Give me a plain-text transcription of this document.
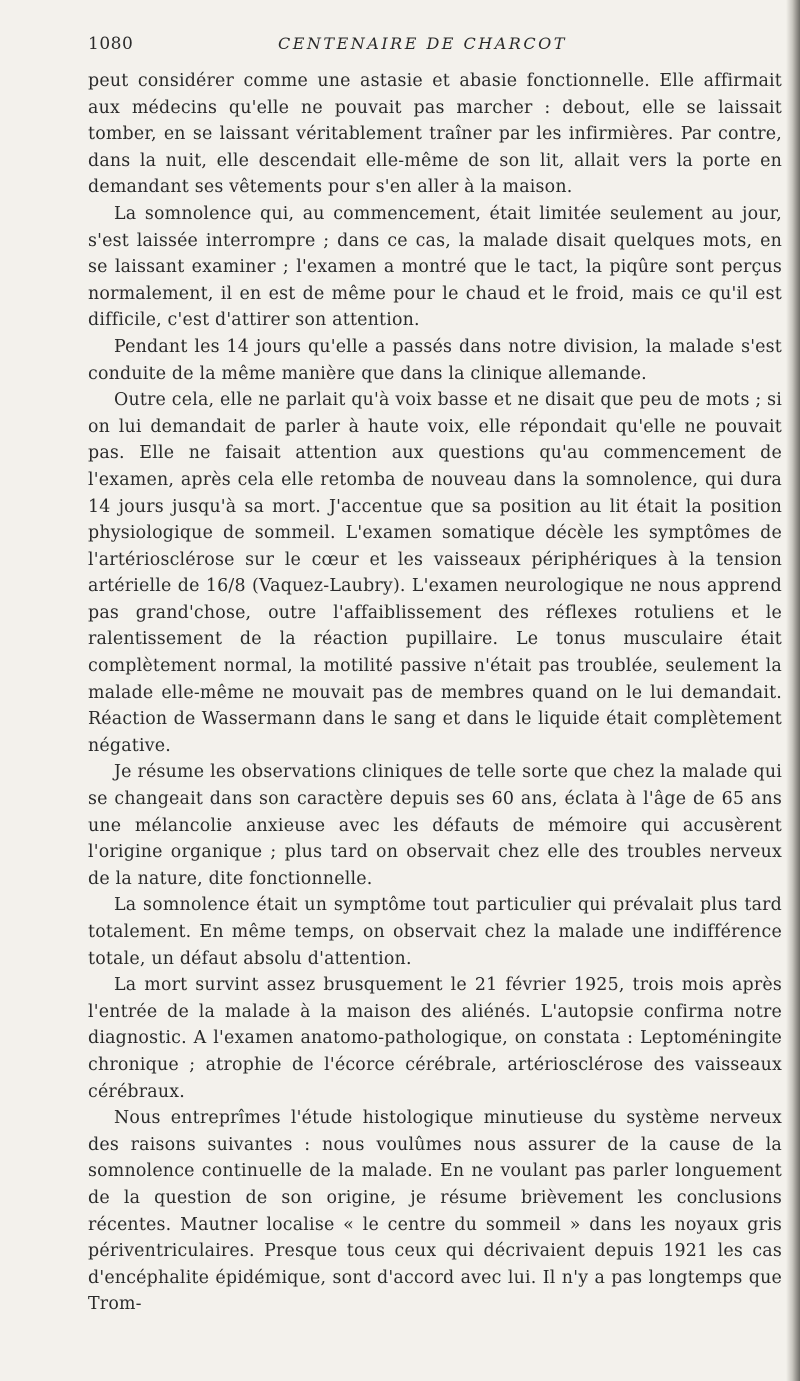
1080	CENTENAIRE DE CHARCOT

peut considérer comme une astasie et abasie fonctionnelle. Elle affirmait aux médecins qu'elle ne pouvait pas marcher : debout, elle se laissait tomber, en se laissant véritablement traîner par les infirmières. Par contre, dans la nuit, elle descendait elle-même de son lit, allait vers la porte en demandant ses vêtements pour s'en aller à la maison.

La somnolence qui, au commencement, était limitée seulement au jour, s'est laissée interrompre ; dans ce cas, la malade disait quelques mots, en se laissant examiner ; l'examen a montré que le tact, la piqûre sont perçus normalement, il en est de même pour le chaud et le froid, mais ce qu'il est difficile, c'est d'attirer son attention.

Pendant les 14 jours qu'elle a passés dans notre division, la malade s'est conduite de la même manière que dans la clinique allemande.

Outre cela, elle ne parlait qu'à voix basse et ne disait que peu de mots ; si on lui demandait de parler à haute voix, elle répondait qu'elle ne pouvait pas. Elle ne faisait attention aux questions qu'au commencement de l'examen, après cela elle retomba de nouveau dans la somnolence, qui dura 14 jours jusqu'à sa mort. J'accentue que sa position au lit était la position physiologique de sommeil. L'examen somatique décèle les symptômes de l'artériosclérose sur le cœur et les vaisseaux périphériques à la tension artérielle de 16/8 (Vaquez-Laubry). L'examen neurologique ne nous apprend pas grand'chose, outre l'affaiblissement des réflexes rotuliens et le ralentissement de la réaction pupillaire. Le tonus musculaire était complètement normal, la motilité passive n'était pas troublée, seulement la malade elle-même ne mouvait pas de membres quand on le lui demandait. Réaction de Wassermann dans le sang et dans le liquide était complètement négative.

Je résume les observations cliniques de telle sorte que chez la malade qui se changeait dans son caractère depuis ses 60 ans, éclata à l'âge de 65 ans une mélancolie anxieuse avec les défauts de mémoire qui accusèrent l'origine organique ; plus tard on observait chez elle des troubles nerveux de la nature, dite fonctionnelle.

La somnolence était un symptôme tout particulier qui prévalait plus tard totalement. En même temps, on observait chez la malade une indifférence totale, un défaut absolu d'attention.

La mort survint assez brusquement le 21 février 1925, trois mois après l'entrée de la malade à la maison des aliénés. L'autopsie confirma notre diagnostic. A l'examen anatomo-pathologique, on constata : Leptoméningite chronique ; atrophie de l'écorce cérébrale, artériosclérose des vaisseaux cérébraux.

Nous entreprîmes l'étude histologique minutieuse du système nerveux des raisons suivantes : nous voulûmes nous assurer de la cause de la somnolence continuelle de la malade. En ne voulant pas parler longuement de la question de son origine, je résume brièvement les conclusions récentes. Mautner localise « le centre du sommeil » dans les noyaux gris périventriculaires. Presque tous ceux qui décrivaient depuis 1921 les cas d'encéphalite épidémique, sont d'accord avec lui. Il n'y a pas longtemps que Trom-
